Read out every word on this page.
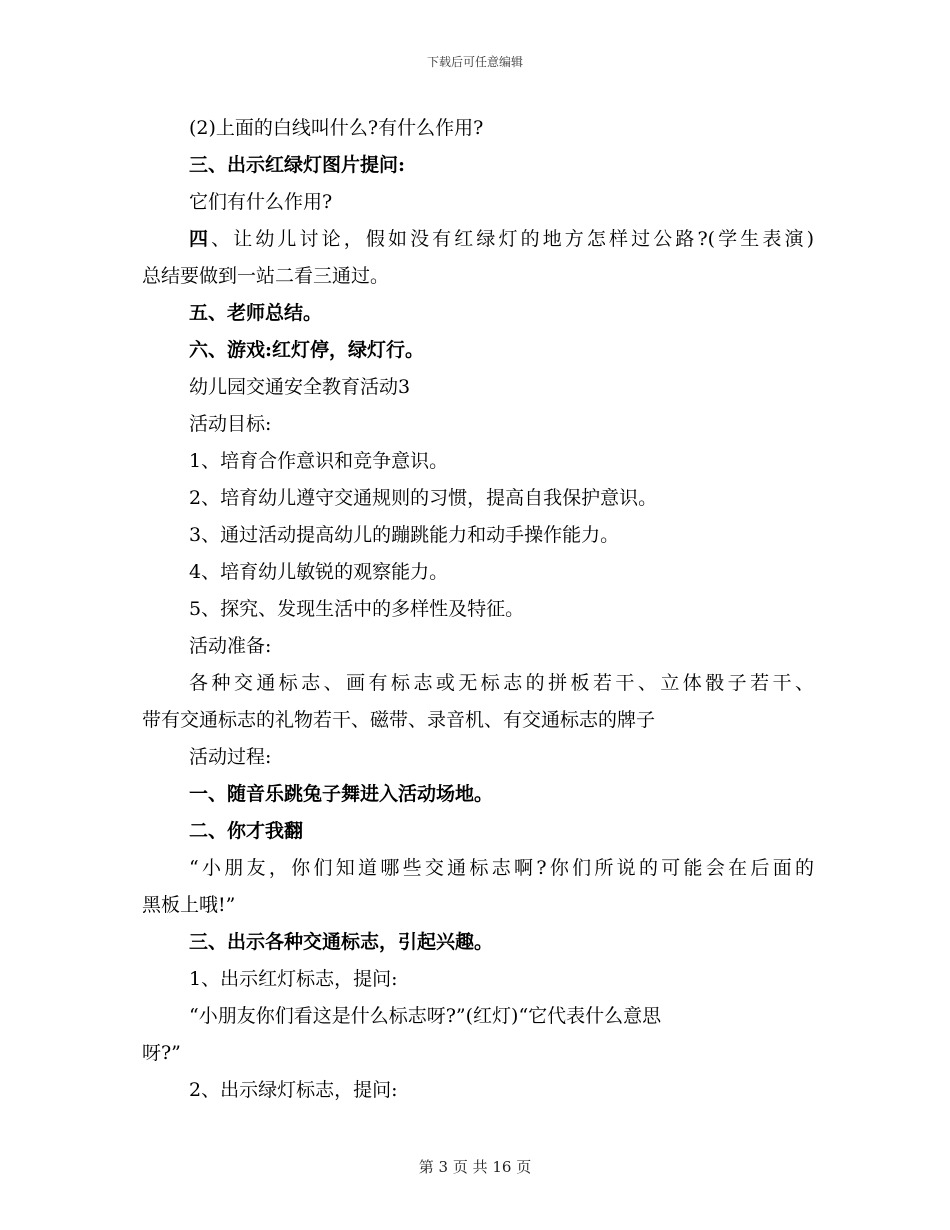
下载后可任意编辑
(2)上面的白线叫什么?有什么作用?
三、出示红绿灯图片提问:
它们有什么作用?
四、让幼儿讨论，假如没有红绿灯的地方怎样过公路?(学生表演)
总结要做到一站二看三通过。
五、老师总结。
六、游戏:红灯停，绿灯行。
幼儿园交通安全教育活动3
活动目标:
1、培育合作意识和竞争意识。
2、培育幼儿遵守交通规则的习惯，提高自我保护意识。
3、通过活动提高幼儿的蹦跳能力和动手操作能力。
4、培育幼儿敏锐的观察能力。
5、探究、发现生活中的多样性及特征。
活动准备:
各种交通标志、画有标志或无标志的拼板若干、立体骰子若干、
带有交通标志的礼物若干、磁带、录音机、有交通标志的牌子
活动过程:
一、随音乐跳兔子舞进入活动场地。
二、你才我翻
“小朋友，你们知道哪些交通标志啊?你们所说的可能会在后面的
黑板上哦!”
三、出示各种交通标志，引起兴趣。
1、出示红灯标志，提问:
“小朋友你们看这是什么标志呀?”(红灯)“它代表什么意思
呀?”
2、出示绿灯标志，提问:
第 3 页 共 16 页
